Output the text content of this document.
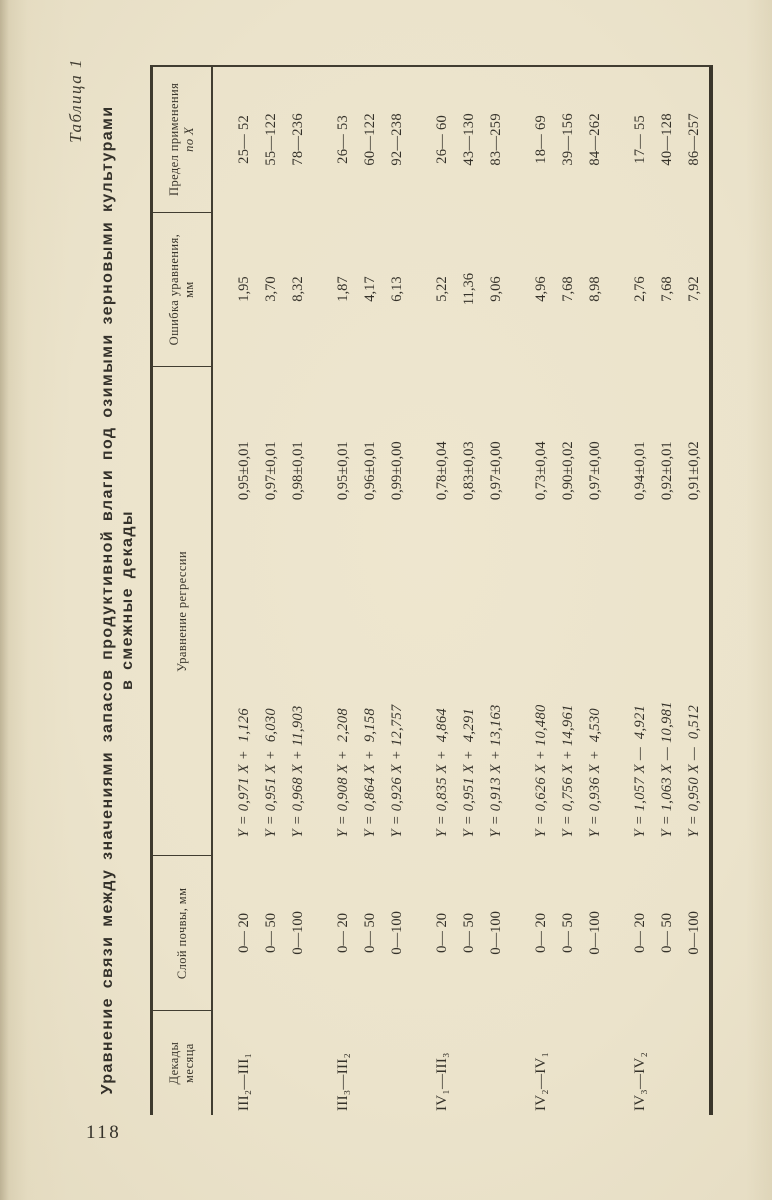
Таблица 1
Уравнение связи между значениями запасов продуктивной влаги под озимыми зерновыми культурами в смежные декады
Декады месяца
Слой почвы, мм
Уравнение регрессии
Ошибка уравнения, мм
Предел применения по X
III₂—III₁
0— 20
Y = 0,971 X +  1,126
0,95±0,01
1,95
25— 52
0— 50
Y = 0,951 X +  6,030
0,97±0,01
3,70
55—122
0—100
Y = 0,968 X + 11,903
0,98±0,01
8,32
78—236
III₃—III₂
0— 20
Y = 0,908 X +  2,208
0,95±0,01
1,87
26— 53
0— 50
Y = 0,864 X +  9,158
0,96±0,01
4,17
60—122
0—100
Y = 0,926 X + 12,757
0,99±0,00
6,13
92—238
IV₁—III₃
0— 20
Y = 0,835 X +  4,864
0,78±0,04
5,22
26— 60
0— 50
Y = 0,951 X +  4,291
0,83±0,03
11,36
43—130
0—100
Y = 0,913 X + 13,163
0,97±0,00
9,06
83—259
IV₂—IV₁
0— 20
Y = 0,626 X + 10,480
0,73±0,04
4,96
18— 69
0— 50
Y = 0,756 X + 14,961
0,90±0,02
7,68
39—156
0—100
Y = 0,936 X +  4,530
0,97±0,00
8,98
84—262
IV₃—IV₂
0— 20
Y = 1,057 X —  4,921
0,94±0,01
2,76
17— 55
0— 50
Y = 1,063 X — 10,981
0,92±0,01
7,68
40—128
0—100
Y = 0,950 X —  0,512
0,91±0,02
7,92
86—257
118
